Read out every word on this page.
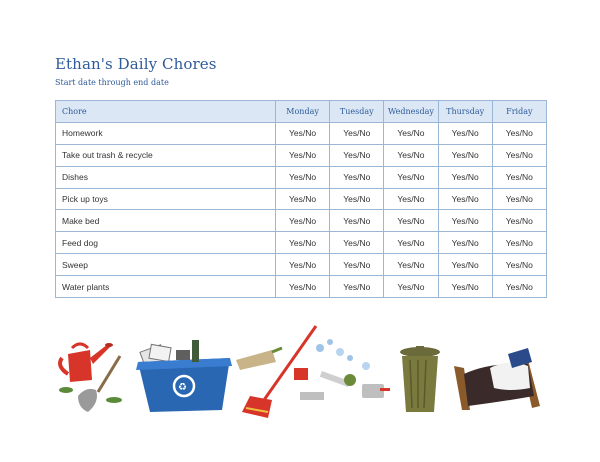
Ethan's Daily Chores

Start date through end date

Chore	Monday	Tuesday	Wednesday	Thursday	Friday
Homework	Yes/No	Yes/No	Yes/No	Yes/No	Yes/No
Take out trash & recycle	Yes/No	Yes/No	Yes/No	Yes/No	Yes/No
Dishes	Yes/No	Yes/No	Yes/No	Yes/No	Yes/No
Pick up toys	Yes/No	Yes/No	Yes/No	Yes/No	Yes/No
Make bed	Yes/No	Yes/No	Yes/No	Yes/No	Yes/No
Feed dog	Yes/No	Yes/No	Yes/No	Yes/No	Yes/No
Sweep	Yes/No	Yes/No	Yes/No	Yes/No	Yes/No
Water plants	Yes/No	Yes/No	Yes/No	Yes/No	Yes/No
♻
